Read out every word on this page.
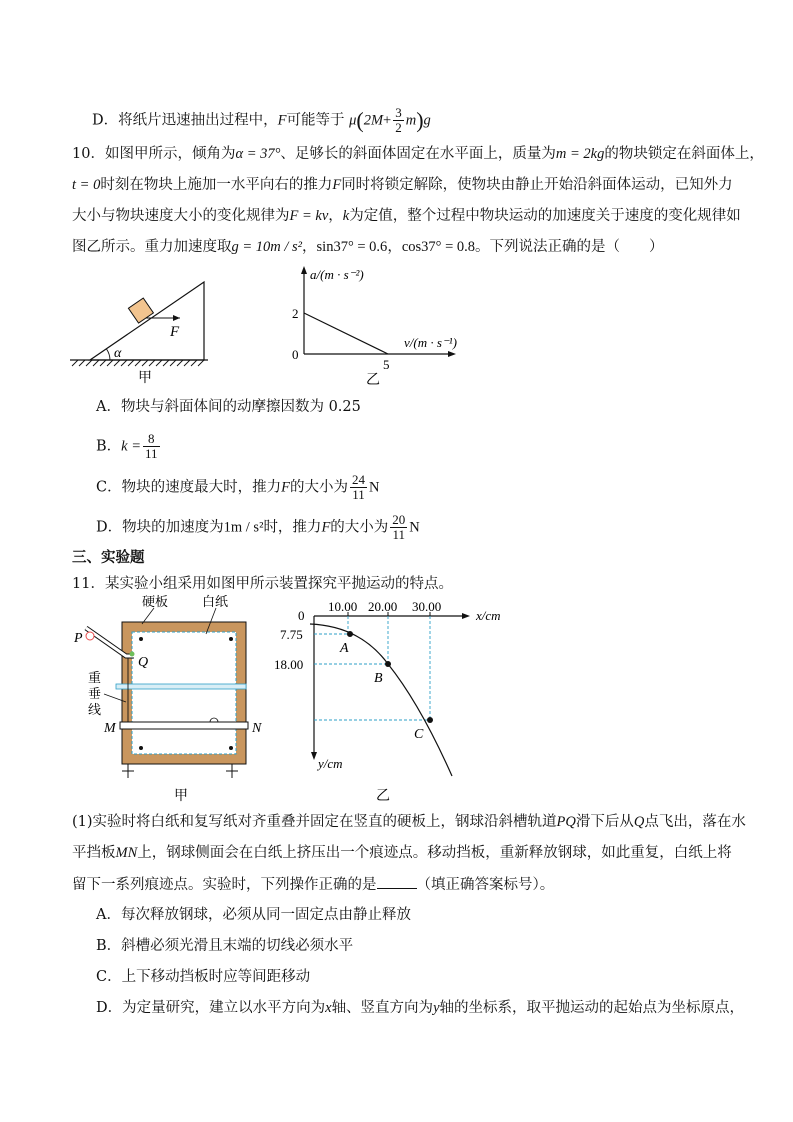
D．将纸片迅速抽出过程中，F可能等于 $\mu(2M+ \frac{3}{2} m)g$
10．如图甲所示，倾角为α = 37°、足够长的斜面体固定在水平面上，质量为m = 2kg的物块锁定在斜面体上，
t = 0时刻在物块上施加一水平向右的推力F同时将锁定解除，使物块由静止开始沿斜面体运动，已知外力
大小与物块速度大小的变化规律为F = kv，k为定值，整个过程中物块运动的加速度关于速度的变化规律如
图乙所示。重力加速度取g = 10m / s²，sin37° = 0.6，cos37° = 0.8。下列说法正确的是（　　）
F
α
甲
a/(m · s⁻²)
2
0
5
v/(m · s⁻¹)
乙
A．物块与斜面体间的动摩擦因数为 0.25
B．$k = \frac{8}{11}$
C．物块的速度最大时，推力F的大小为 $\frac{24}{11}$ N
D．物块的加速度为1m / s²时，推力F的大小为 $\frac{20}{11}$ N
三、实验题
11．某实验小组采用如图甲所示装置探究平抛运动的特点。
硬板	白纸
P
Q
重
垂
线
M	N
甲
0
10.00 20.00 30.00
x/cm
7.75
18.00
y/cm
A
B
C
乙
(1)实验时将白纸和复写纸对齐重叠并固定在竖直的硬板上，钢球沿斜槽轨道PQ滑下后从Q点飞出，落在水
平挡板MN上，钢球侧面会在白纸上挤压出一个痕迹点。移动挡板，重新释放钢球，如此重复，白纸上将
留下一系列痕迹点。实验时，下列操作正确的是	（填正确答案标号）。
A．每次释放钢球，必须从同一固定点由静止释放
B．斜槽必须光滑且末端的切线必须水平
C．上下移动挡板时应等间距移动
D．为定量研究，建立以水平方向为x轴、竖直方向为y轴的坐标系，取平抛运动的起始点为坐标原点，
